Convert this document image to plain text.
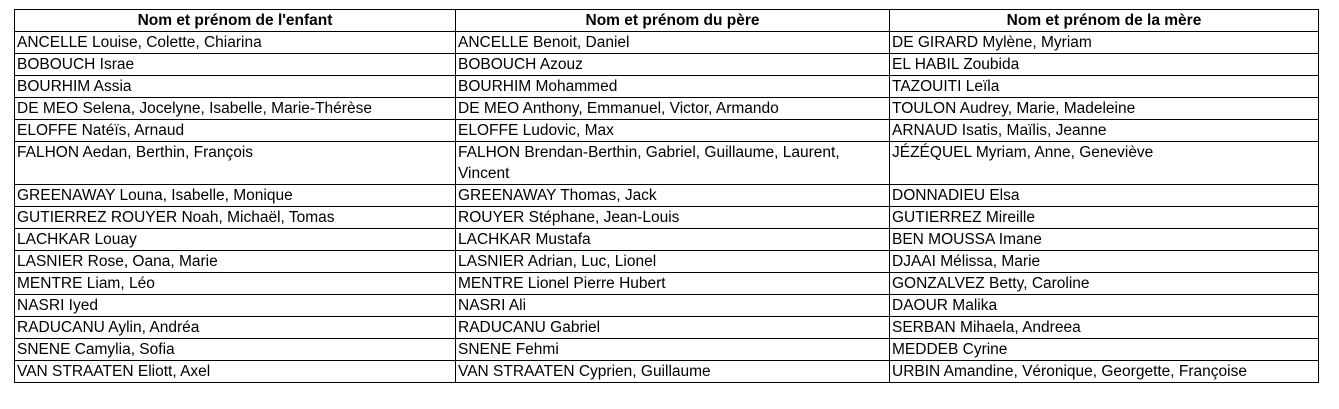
Nom et prénom de l'enfant	Nom et prénom du père	Nom et prénom de la mère
ANCELLE Louise, Colette, Chiarina	ANCELLE Benoit, Daniel	DE GIRARD Mylène, Myriam
BOBOUCH Israe	BOBOUCH Azouz	EL HABIL Zoubida
BOURHIM Assia	BOURHIM Mohammed	TAZOUITI Leïla
DE MEO Selena, Jocelyne, Isabelle, Marie-Thérèse	DE MEO Anthony, Emmanuel, Victor, Armando	TOULON Audrey, Marie, Madeleine
ELOFFE Natéïs, Arnaud	ELOFFE Ludovic, Max	ARNAUD Isatis, Maïlis, Jeanne
FALHON Aedan, Berthin, François	FALHON Brendan-Berthin, Gabriel, Guillaume, Laurent, Vincent	JÉZÉQUEL Myriam, Anne, Geneviève
GREENAWAY Louna, Isabelle, Monique	GREENAWAY Thomas, Jack	DONNADIEU Elsa
GUTIERREZ ROUYER Noah, Michaël, Tomas	ROUYER Stéphane, Jean-Louis	GUTIERREZ Mireille
LACHKAR Louay	LACHKAR Mustafa	BEN MOUSSA Imane
LASNIER Rose, Oana, Marie	LASNIER Adrian, Luc, Lionel	DJAAI Mélissa, Marie
MENTRE Liam, Léo	MENTRE Lionel Pierre Hubert	GONZALVEZ Betty, Caroline
NASRI Iyed	NASRI Ali	DAOUR Malika
RADUCANU Aylin, Andréa	RADUCANU Gabriel	SERBAN Mihaela, Andreea
SNENE Camylia, Sofia	SNENE Fehmi	MEDDEB Cyrine
VAN STRAATEN Eliott, Axel	VAN STRAATEN Cyprien, Guillaume	URBIN Amandine, Véronique, Georgette, Françoise
